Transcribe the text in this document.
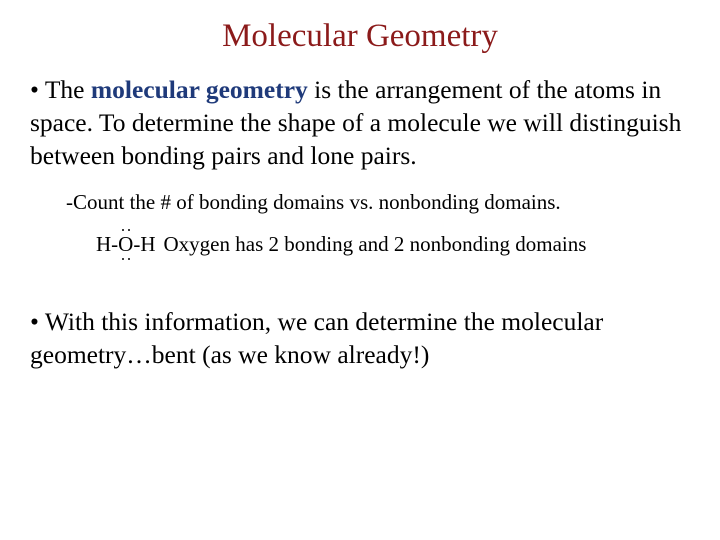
Molecular Geometry
• The molecular geometry is the arrangement of the atoms in space. To determine the shape of a molecule we will distinguish between bonding pairs and lone pairs.
-Count the # of bonding domains vs. nonbonding domains.
H-
O
-H Oxygen has 2 bonding and 2 nonbonding domains
• With this information, we can determine the molecular geometry…bent (as we know already!)
